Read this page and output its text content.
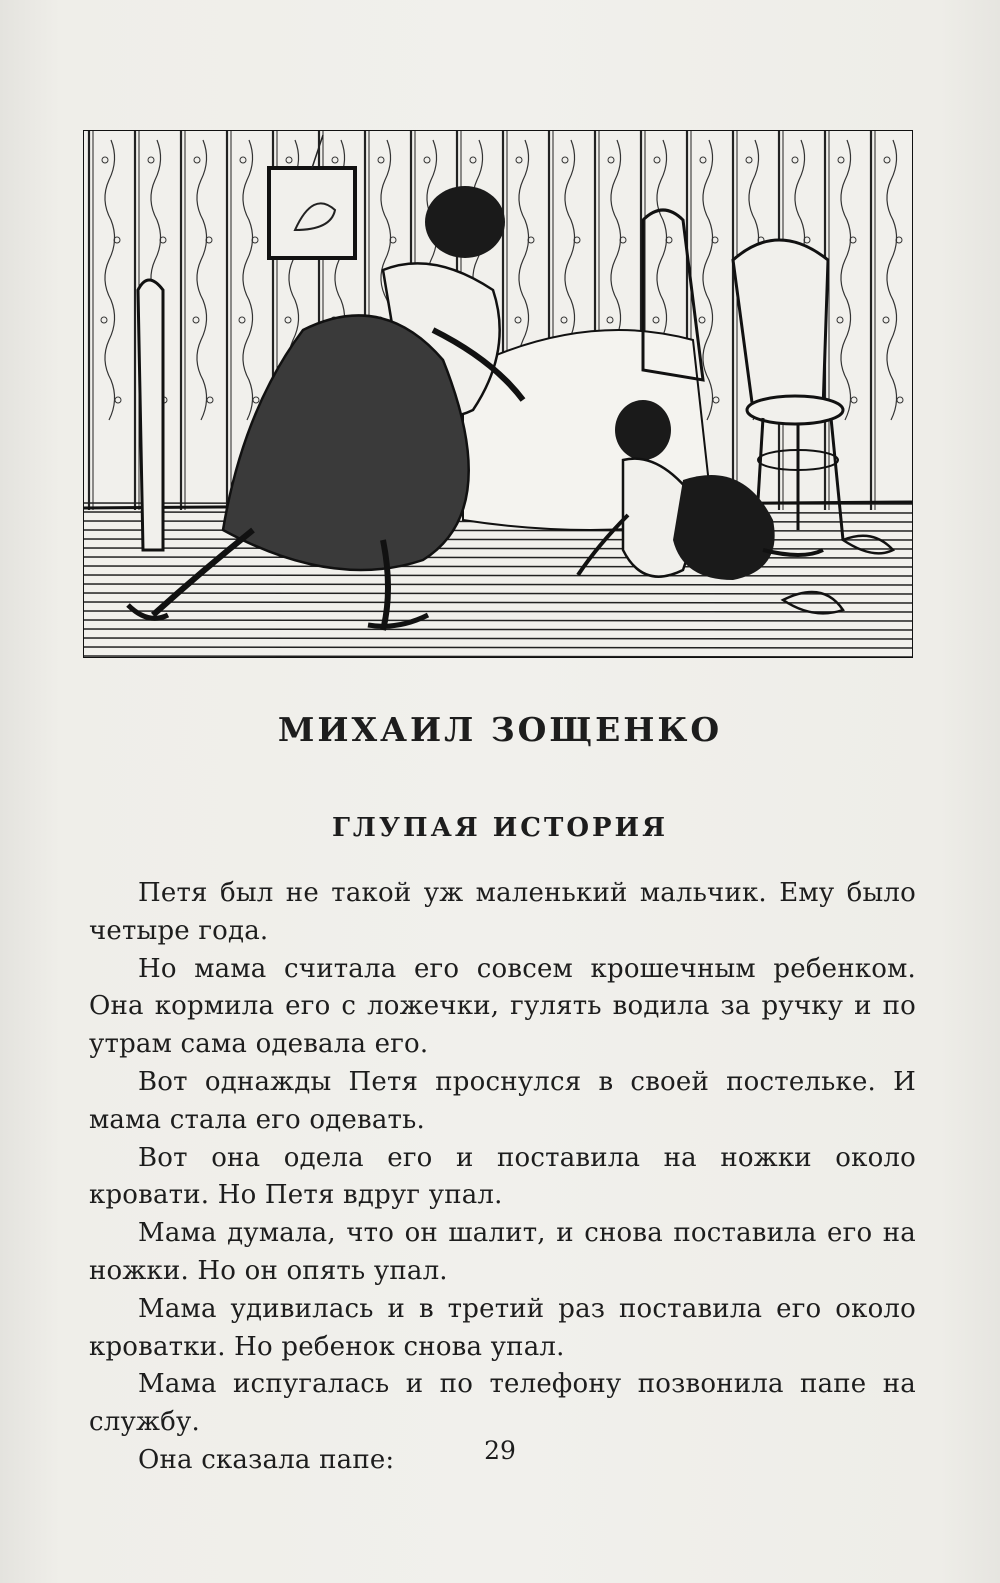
МИХАИЛ ЗОЩЕНКО
ГЛУПАЯ ИСТОРИЯ

Петя был не такой уж маленький мальчик. Ему было четыре года.

Но мама считала его совсем крошечным ребенком. Она кормила его с ложечки, гулять водила за ручку и по утрам сама одевала его.

Вот однажды Петя проснулся в своей постельке. И мама стала его одевать.

Вот она одела его и поставила на ножки около кровати. Но Петя вдруг упал.

Мама думала, что он шалит, и снова поставила его на ножки. Но он опять упал.

Мама удивилась и в третий раз поставила его около кроватки. Но ребенок снова упал.

Мама испугалась и по телефону позвонила папе на службу.

Она сказала папе:	29
